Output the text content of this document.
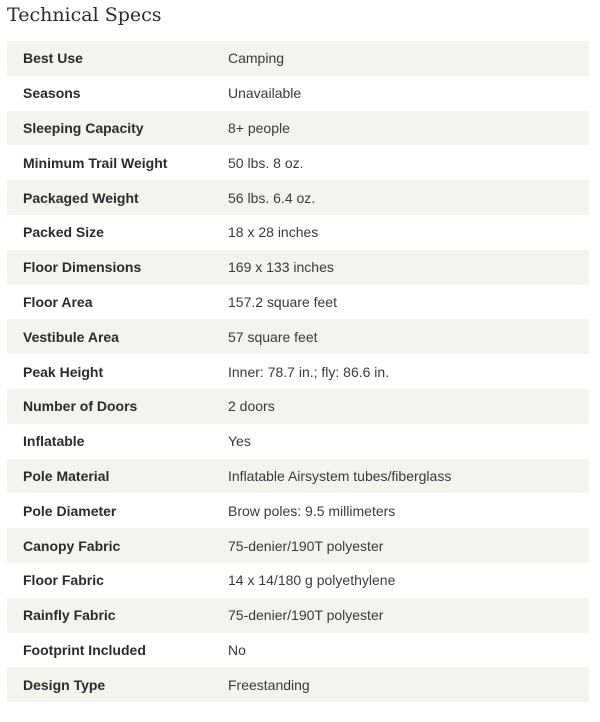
Technical Specs
Best Use	Camping
Seasons	Unavailable
Sleeping Capacity	8+ people
Minimum Trail Weight	50 lbs. 8 oz.
Packaged Weight	56 lbs. 6.4 oz.
Packed Size	18 x 28 inches
Floor Dimensions	169 x 133 inches
Floor Area	157.2 square feet
Vestibule Area	57 square feet
Peak Height	Inner: 78.7 in.; fly: 86.6 in.
Number of Doors	2 doors
Inflatable	Yes
Pole Material	Inflatable Airsystem tubes/fiberglass
Pole Diameter	Brow poles: 9.5 millimeters
Canopy Fabric	75-denier/190T polyester
Floor Fabric	14 x 14/180 g polyethylene
Rainfly Fabric	75-denier/190T polyester
Footprint Included	No
Design Type	Freestanding
